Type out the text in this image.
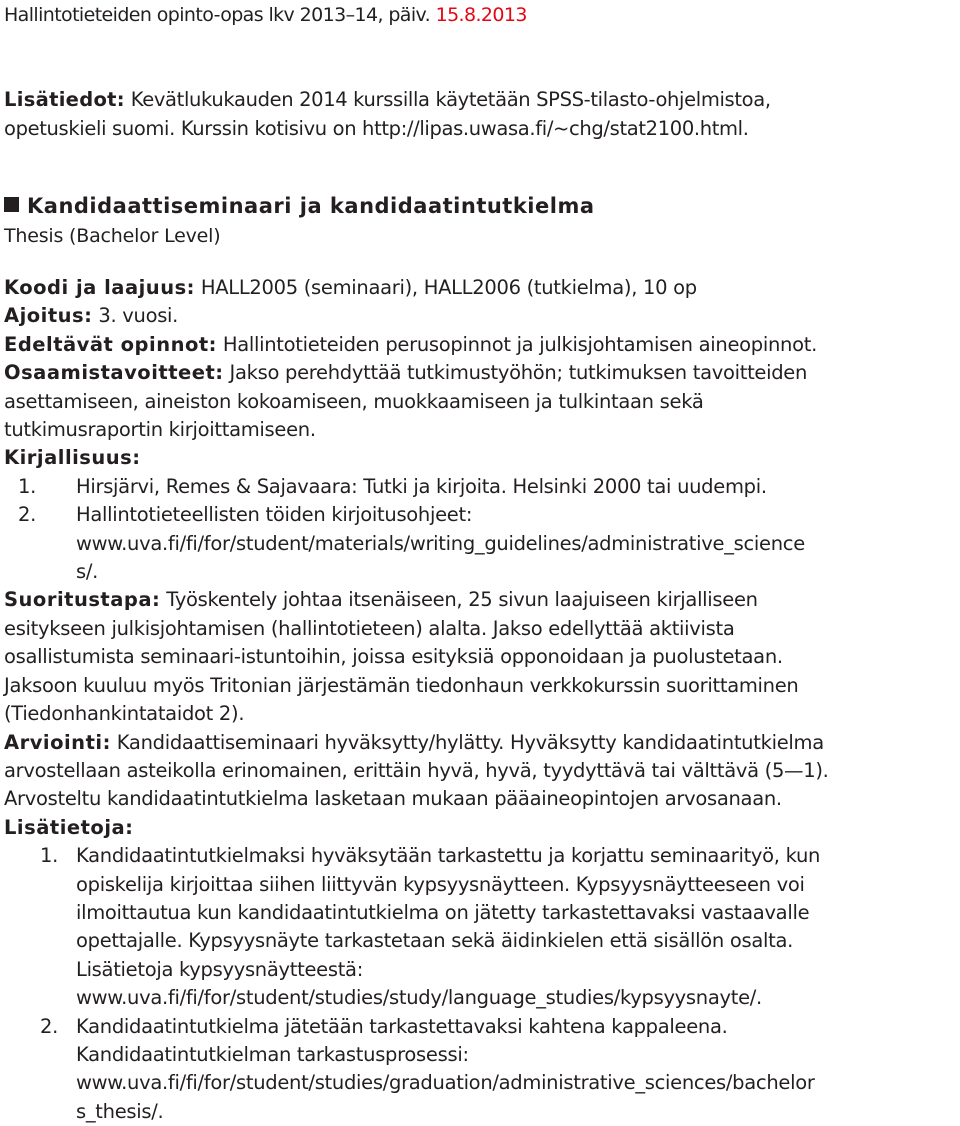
Hallintotieteiden opinto-opas lkv 2013–14, päiv. 15.8.2013
Lisätiedot: Kevätlukukauden 2014 kurssilla käytetään SPSS-tilasto-ohjelmistoa,
opetuskieli suomi. Kurssin kotisivu on http://lipas.uwasa.fi/~chg/stat2100.html.
Kandidaattiseminaari ja kandidaatintutkielma
Thesis (Bachelor Level)

Koodi ja laajuus: HALL2005 (seminaari), HALL2006 (tutkielma), 10 op

Ajoitus: 3. vuosi.

Edeltävät opinnot: Hallintotieteiden perusopinnot ja julkisjohtamisen aineopinnot.

Osaamistavoitteet: Jakso perehdyttää tutkimustyöhön; tutkimuksen tavoitteiden

asettamiseen, aineiston kokoamiseen, muokkaamiseen ja tulkintaan sekä

tutkimusraportin kirjoittamiseen.

Kirjallisuus:

1.	Hirsjärvi, Remes & Sajavaara: Tutki ja kirjoita. Helsinki 2000 tai uudempi.
2.	Hallintotieteellisten töiden kirjoitusohjeet:
www.uva.fi/fi/for/student/materials/writing_guidelines/administrative_science
s/.

Suoritustapa: Työskentely johtaa itsenäiseen, 25 sivun laajuiseen kirjalliseen

esitykseen julkisjohtamisen (hallintotieteen) alalta. Jakso edellyttää aktiivista

osallistumista seminaari-istuntoihin, joissa esityksiä opponoidaan ja puolustetaan.

Jaksoon kuuluu myös Tritonian järjestämän tiedonhaun verkkokurssin suorittaminen

(Tiedonhankintataidot 2).

Arviointi: Kandidaattiseminaari hyväksytty/hylätty. Hyväksytty kandidaatintutkielma

arvostellaan asteikolla erinomainen, erittäin hyvä, hyvä, tyydyttävä tai välttävä (5—1).

Arvosteltu kandidaatintutkielma lasketaan mukaan pääaineopintojen arvosanaan.

Lisätietoja:

1. Kandidaatintutkielmaksi hyväksytään tarkastettu ja korjattu seminaarityö, kun
opiskelija kirjoittaa siihen liittyvän kypsyysnäytteen. Kypsyysnäytteeseen voi
ilmoittautua kun kandidaatintutkielma on jätetty tarkastettavaksi vastaavalle
opettajalle. Kypsyysnäyte tarkastetaan sekä äidinkielen että sisällön osalta.
Lisätietoja kypsyysnäytteestä:
www.uva.fi/fi/for/student/studies/study/language_studies/kypsyysnayte/.
2. Kandidaatintutkielma jätetään tarkastettavaksi kahtena kappaleena.
Kandidaatintutkielman tarkastusprosessi:
www.uva.fi/fi/for/student/studies/graduation/administrative_sciences/bachelor
s_thesis/.
